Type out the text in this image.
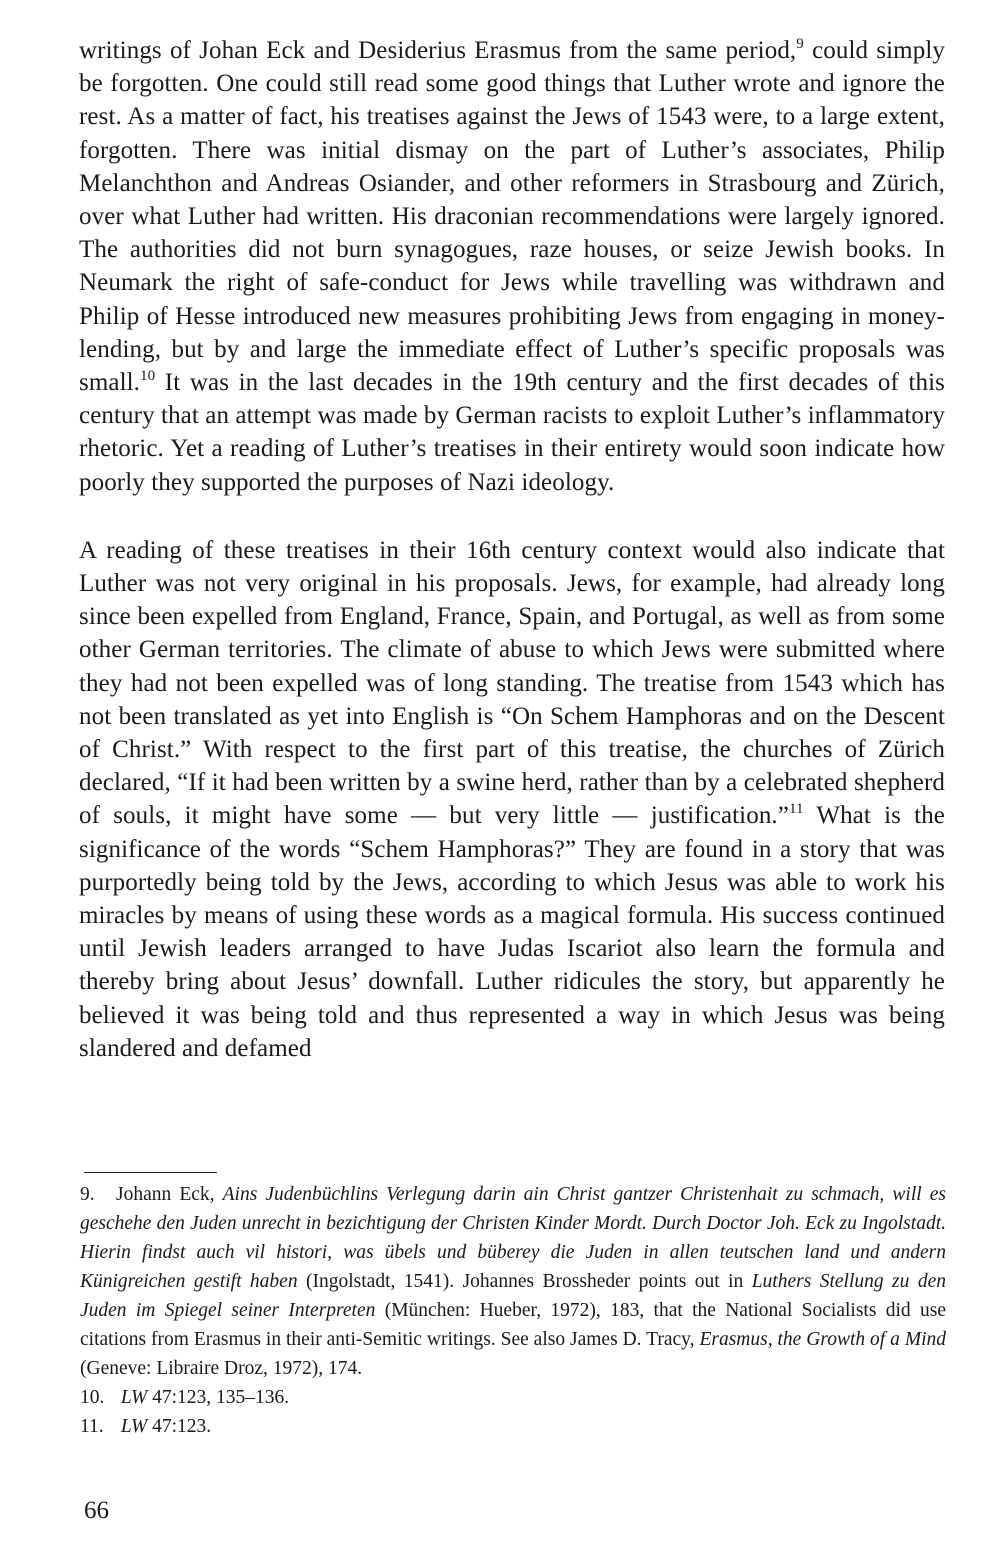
writings of Johan Eck and Desiderius Erasmus from the same period,$^9$ could simply be forgotten. One could still read some good things that Luther wrote and ignore the rest. As a matter of fact, his treatises against the Jews of 1543 were, to a large extent, forgotten. There was initial dismay on the part of Luther’s associates, Philip Melanchthon and Andreas Osiander, and other reformers in Strasbourg and Zürich, over what Luther had written. His draconian recommendations were largely ignored. The authorities did not burn synagogues, raze houses, or seize Jewish books. In Neumark the right of safe-conduct for Jews while travelling was withdrawn and Philip of Hesse introduced new measures prohibiting Jews from engaging in money-lending, but by and large the immediate effect of Luther’s specific proposals was small.$^{10}$ It was in the last decades in the 19th century and the first decades of this century that an attempt was made by German racists to exploit Luther’s inflammatory rhetoric. Yet a reading of Luther’s treatises in their entirety would soon indicate how poorly they supported the purposes of Nazi ideology.

A reading of these treatises in their 16th century context would also indicate that Luther was not very original in his proposals. Jews, for example, had already long since been expelled from England, France, Spain, and Portugal, as well as from some other German territories. The climate of abuse to which Jews were submitted where they had not been expelled was of long standing. The treatise from 1543 which has not been translated as yet into English is “On Schem Hamphoras and on the Descent of Christ.” With respect to the first part of this treatise, the churches of Zürich declared, “If it had been written by a swine herd, rather than by a celebrated shepherd of souls, it might have some — but very little — justification.”$^{11}$ What is the significance of the words “Schem Hamphoras?” They are found in a story that was purportedly being told by the Jews, according to which Jesus was able to work his miracles by means of using these words as a magical formula. His success continued until Jewish leaders arranged to have Judas Iscariot also learn the formula and thereby bring about Jesus’ downfall. Luther ridicules the story, but apparently he believed it was being told and thus represented a way in which Jesus was being slandered and defamed

9. Johann Eck, Ains Judenbüchlins Verlegung darin ain Christ gantzer Christenhait zu schmach, will es geschehe den Juden unrecht in bezichtigung der Christen Kinder Mordt. Durch Doctor Joh. Eck zu Ingolstadt. Hierin findst auch vil histori, was übels und büberey die Juden in allen teutschen land und andern Künigreichen gestift haben (Ingolstadt, 1541). Johannes Brossheder points out in Luthers Stellung zu den Juden im Spiegel seiner Interpreten (München: Hueber, 1972), 183, that the National Socialists did use citations from Erasmus in their anti-Semitic writings. See also James D. Tracy, Erasmus, the Growth of a Mind (Geneve: Libraire Droz, 1972), 174.

10. LW 47:123, 135–136.

11. LW 47:123.

66
